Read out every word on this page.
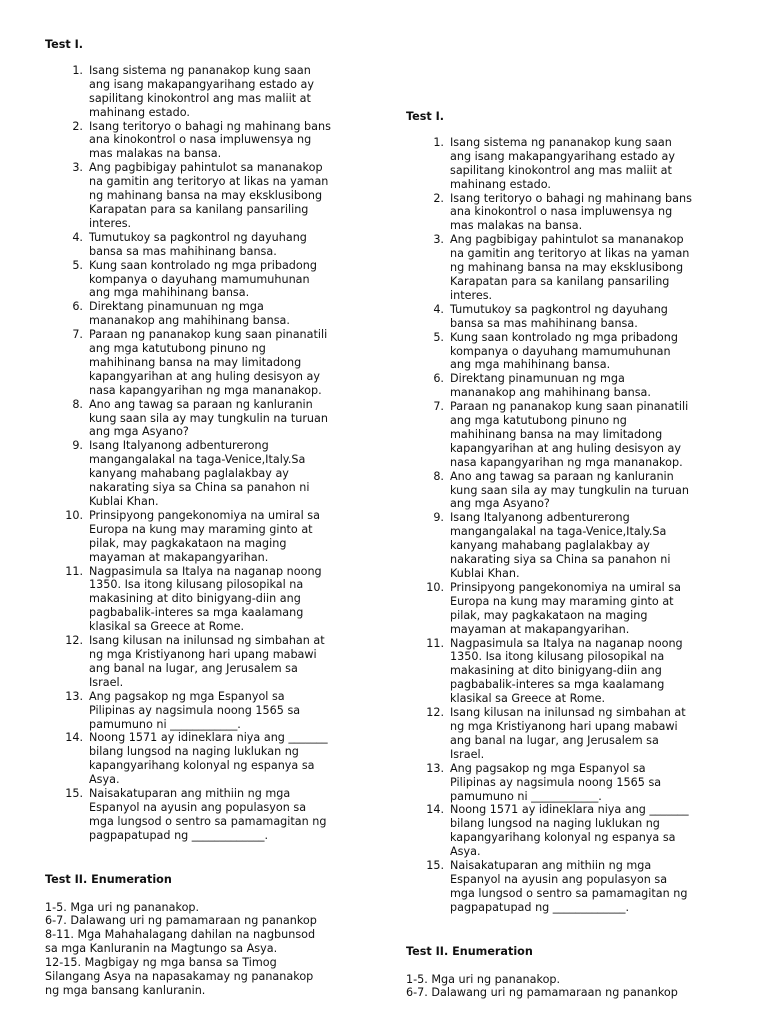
Test I.
1. Isang sistema ng pananakop kung saan
ang isang makapangyarihang estado ay
sapilitang kinokontrol ang mas maliit at
mahinang estado.
2. Isang teritoryo o bahagi ng mahinang bans
ana kinokontrol o nasa impluwensya ng
mas malakas na bansa.
3. Ang pagbibigay pahintulot sa mananakop
na gamitin ang teritoryo at likas na yaman
ng mahinang bansa na may eksklusibong
Karapatan para sa kanilang pansariling
interes.
4. Tumutukoy sa pagkontrol ng dayuhang
bansa sa mas mahihinang bansa.
5. Kung saan kontrolado ng mga pribadong
kompanya o dayuhang mamumuhunan
ang mga mahihinang bansa.
6. Direktang pinamunuan ng mga
mananakop ang mahihinang bansa.
7. Paraan ng pananakop kung saan pinanatili
ang mga katutubong pinuno ng
mahihinang bansa na may limitadong
kapangyarihan at ang huling desisyon ay
nasa kapangyarihan ng mga mananakop.
8. Ano ang tawag sa paraan ng kanluranin
kung saan sila ay may tungkulin na turuan
ang mga Asyano?
9. Isang Italyanong adbenturerong
mangangalakal na taga-Venice,Italy.Sa
kanyang mahabang paglalakbay ay
nakarating siya sa China sa panahon ni
Kublai Khan.
10. Prinsipyong pangekonomiya na umiral sa
Europa na kung may maraming ginto at
pilak, may pagkakataon na maging
mayaman at makapangyarihan.
11. Nagpasimula sa Italya na naganap noong
1350. Isa itong kilusang pilosopikal na
makasining at dito binigyang-diin ang
pagbabalik-interes sa mga kaalamang
klasikal sa Greece at Rome.
12. Isang kilusan na inilunsad ng simbahan at
ng mga Kristiyanong hari upang mabawi
ang banal na lugar, ang Jerusalem sa
Israel.
13. Ang pagsakop ng mga Espanyol sa
Pilipinas ay nagsimula noong 1565 sa
pamumuno ni ____________.
14. Noong 1571 ay idineklara niya ang _______
bilang lungsod na naging luklukan ng
kapangyarihang kolonyal ng espanya sa
Asya.
15. Naisakatuparan ang mithiin ng mga
Espanyol na ayusin ang populasyon sa
mga lungsod o sentro sa pamamagitan ng
pagpapatupad ng _____________.
Test II. Enumeration
1-5. Mga uri ng pananakop.
6-7. Dalawang uri ng pamamaraan ng panankop
8-11. Mga Mahahalagang dahilan na nagbunsod
sa mga Kanluranin na Magtungo sa Asya.
12-15. Magbigay ng mga bansa sa Timog
Silangang Asya na napasakamay ng pananakop
ng mga bansang kanluranin.
Test I.
1. Isang sistema ng pananakop kung saan
ang isang makapangyarihang estado ay
sapilitang kinokontrol ang mas maliit at
mahinang estado.
2. Isang teritoryo o bahagi ng mahinang bans
ana kinokontrol o nasa impluwensya ng
mas malakas na bansa.
3. Ang pagbibigay pahintulot sa mananakop
na gamitin ang teritoryo at likas na yaman
ng mahinang bansa na may eksklusibong
Karapatan para sa kanilang pansariling
interes.
4. Tumutukoy sa pagkontrol ng dayuhang
bansa sa mas mahihinang bansa.
5. Kung saan kontrolado ng mga pribadong
kompanya o dayuhang mamumuhunan
ang mga mahihinang bansa.
6. Direktang pinamunuan ng mga
mananakop ang mahihinang bansa.
7. Paraan ng pananakop kung saan pinanatili
ang mga katutubong pinuno ng
mahihinang bansa na may limitadong
kapangyarihan at ang huling desisyon ay
nasa kapangyarihan ng mga mananakop.
8. Ano ang tawag sa paraan ng kanluranin
kung saan sila ay may tungkulin na turuan
ang mga Asyano?
9. Isang Italyanong adbenturerong
mangangalakal na taga-Venice,Italy.Sa
kanyang mahabang paglalakbay ay
nakarating siya sa China sa panahon ni
Kublai Khan.
10. Prinsipyong pangekonomiya na umiral sa
Europa na kung may maraming ginto at
pilak, may pagkakataon na maging
mayaman at makapangyarihan.
11. Nagpasimula sa Italya na naganap noong
1350. Isa itong kilusang pilosopikal na
makasining at dito binigyang-diin ang
pagbabalik-interes sa mga kaalamang
klasikal sa Greece at Rome.
12. Isang kilusan na inilunsad ng simbahan at
ng mga Kristiyanong hari upang mabawi
ang banal na lugar, ang Jerusalem sa
Israel.
13. Ang pagsakop ng mga Espanyol sa
Pilipinas ay nagsimula noong 1565 sa
pamumuno ni ____________.
14. Noong 1571 ay idineklara niya ang _______
bilang lungsod na naging luklukan ng
kapangyarihang kolonyal ng espanya sa
Asya.
15. Naisakatuparan ang mithiin ng mga
Espanyol na ayusin ang populasyon sa
mga lungsod o sentro sa pamamagitan ng
pagpapatupad ng _____________.
Test II. Enumeration
1-5. Mga uri ng pananakop.
6-7. Dalawang uri ng pamamaraan ng panankop
